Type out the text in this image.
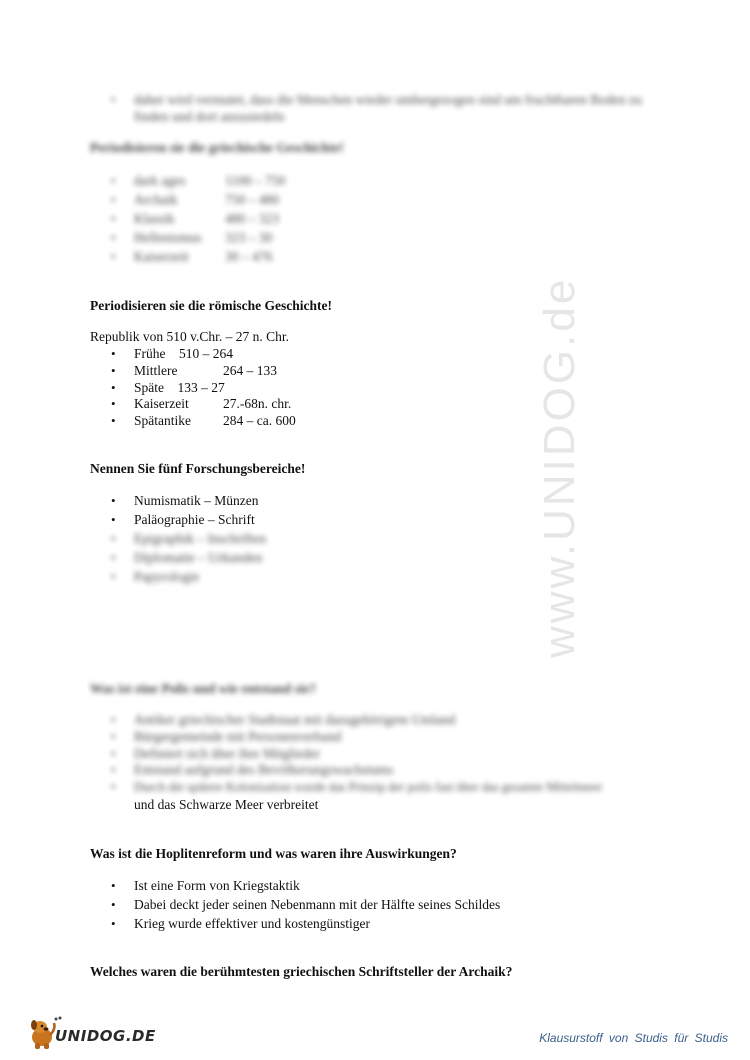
www.UNIDOG.de
• daher wird vermutet, dass die Menschen wieder umhergezogen sind um fruchtbaren Boden zu
finden und dort anzusiedeln
Periodisieren sie die griechische Geschichte!
• dark ages	1100 – 750
• Archaik	750 – 480
• Klassik	480 – 323
• Hellenismus 323 – 30
• Kaiserzeit	30 – 476
Periodisieren sie die römische Geschichte!
Republik von 510 v.Chr. – 27 n. Chr.
• Frühe 510 – 264
• Mittlere	264 – 133
• Späte 133 – 27
• Kaiserzeit	27.-68n. chr.
• Spätantike 284 – ca. 600
Nennen Sie fünf Forschungsbereiche!
• Numismatik – Münzen
• Paläographie – Schrift
• Epigraphik – Inschriften
• Diplomatie – Urkunden
• Papyrologie
Was ist eine Polis und wie entstand sie?
• Antiker griechischer Stadtstaat mit dazugehörigem Umland
• Bürgergemeinde mit Personenverband
• Definiert sich über ihre Mitglieder
• Entstand aufgrund des Bevölkerungswachstums
• Durch die spätere Kolonisation wurde das Prinzip der polis fast über das gesamte Mittelmeer
und das Schwarze Meer verbreitet
Was ist die Hoplitenreform und was waren ihre Auswirkungen?
• Ist eine Form von Kriegstaktik
• Dabei deckt jeder seinen Nebenmann mit der Hälfte seines Schildes
• Krieg wurde effektiver und kostengünstiger
Welches waren die berühmtesten griechischen Schriftsteller der Archaik?
UNIDOG.DE	Klausurstoff von Studis für Studis
